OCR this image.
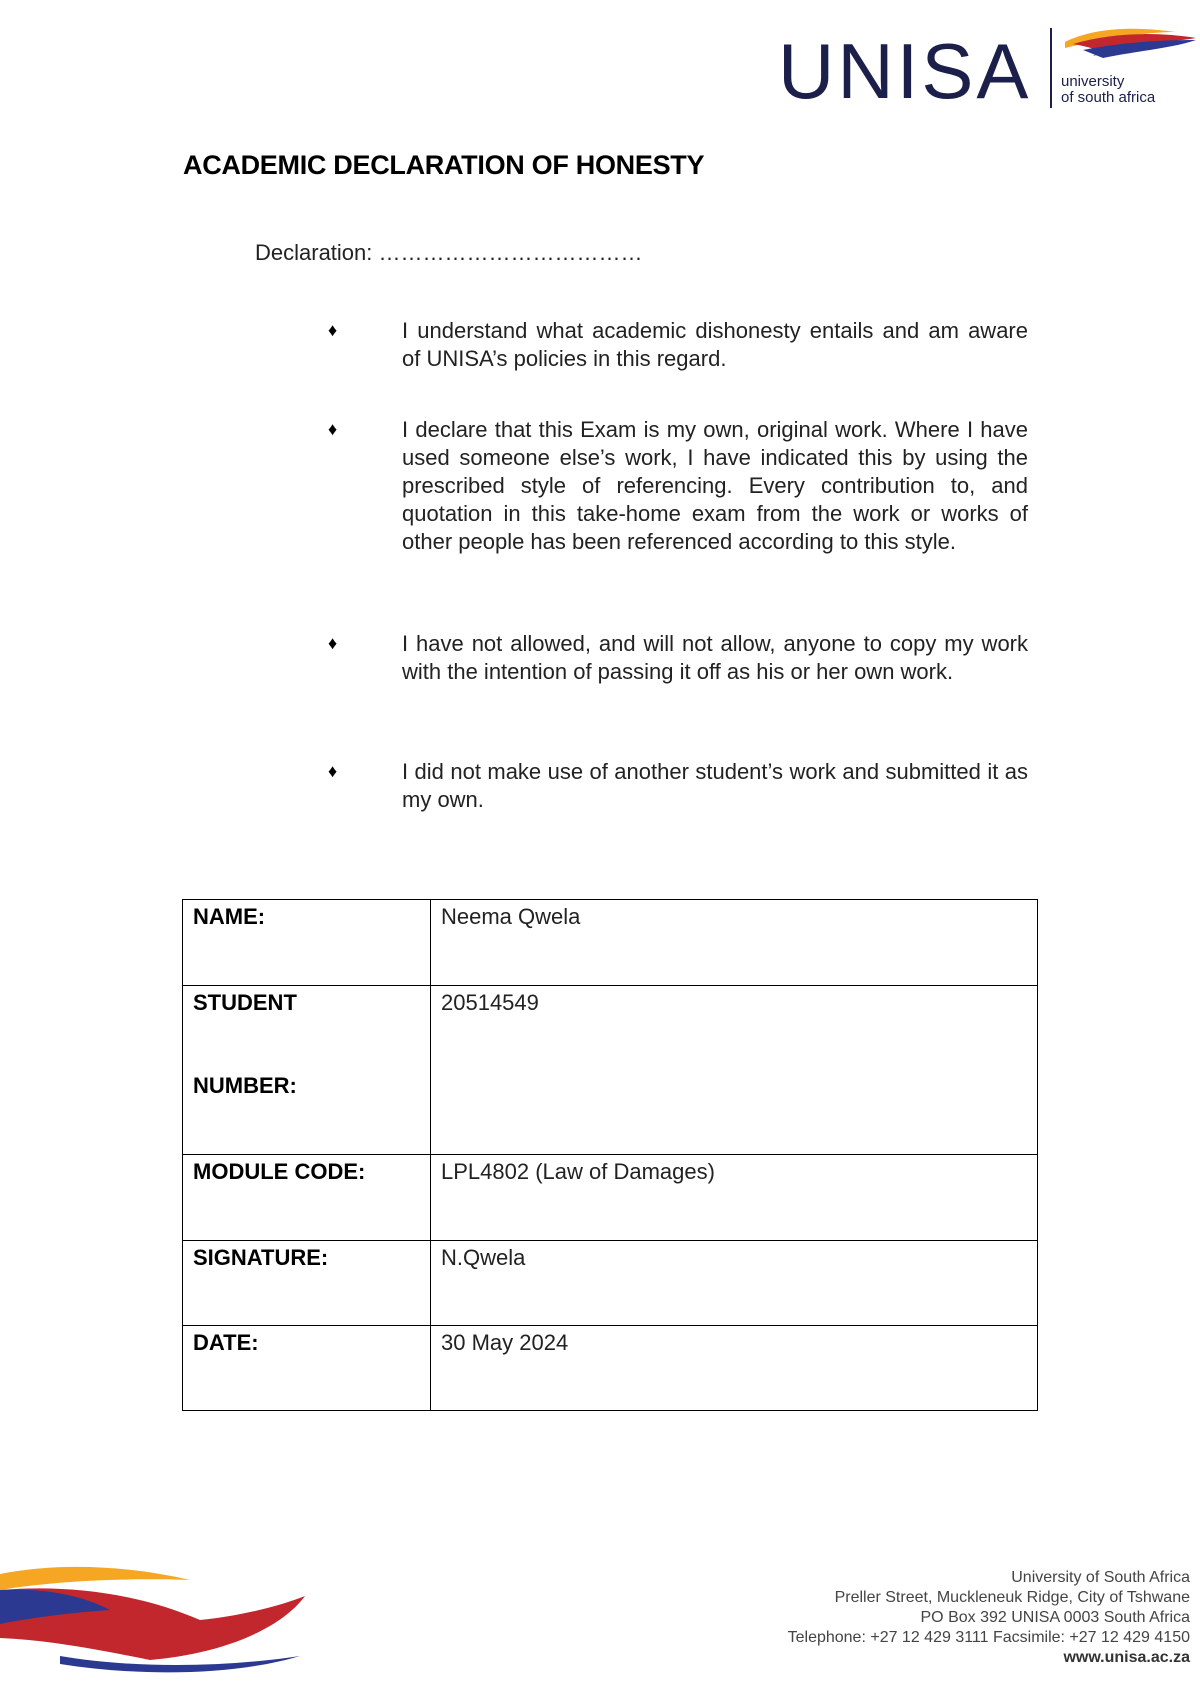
UNISA university
of south africa
ACADEMIC DECLARATION OF HONESTY
Declaration: ………………………………
♦	I understand what academic dishonesty entails and am aware of UNISA’s policies in this regard.
♦	I declare that this Exam is my own, original work. Where I have used someone else’s work, I have indicated this by using the prescribed style of referencing. Every contribution to, and quotation in this take-home exam from the work or works of other people has been referenced according to this style.
♦	I have not allowed, and will not allow, anyone to copy my work with the intention of passing it off as his or her own work.
♦	I did not make use of another student’s work and submitted it as my own.
NAME:	Neema Qwela
STUDENT
NUMBER:	20514549
MODULE CODE:	LPL4802 (Law of Damages)
SIGNATURE:	N.Qwela
DATE:	30 May 2024
University of South Africa
Preller Street, Muckleneuk Ridge, City of Tshwane
PO Box 392 UNISA 0003 South Africa
Telephone: +27 12 429 3111 Facsimile: +27 12 429 4150
www.unisa.ac.za
